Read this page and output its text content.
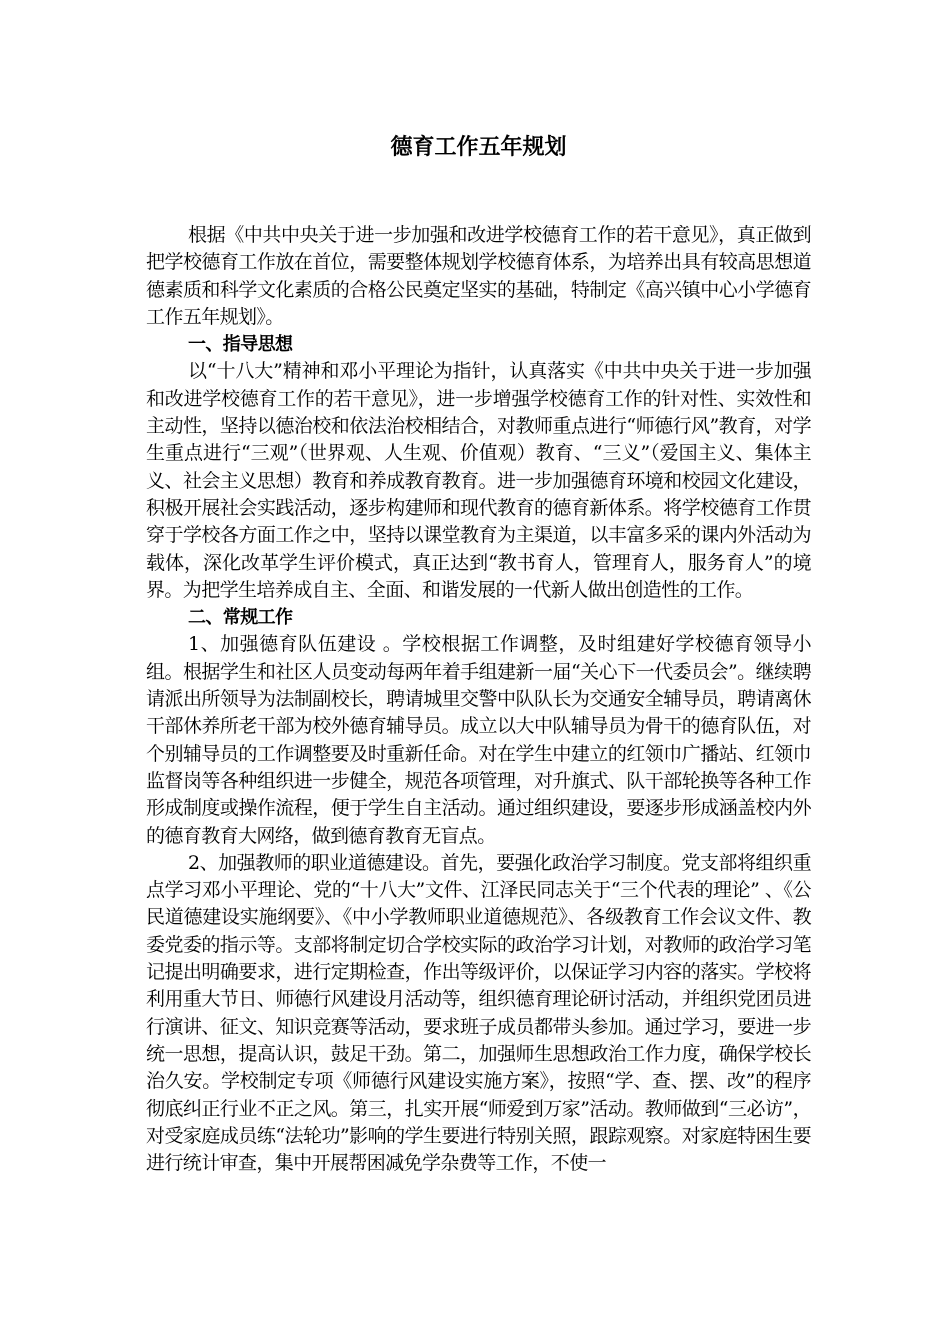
德育工作五年规划

根据《中共中央关于进一步加强和改进学校德育工作的若干意见》，真正做到把学校德育工作放在首位，需要整体规划学校德育体系，为培养出具有较高思想道德素质和科学文化素质的合格公民奠定坚实的基础，特制定《高兴镇中心小学德育工作五年规划》。

一、指导思想

以“十八大”精神和邓小平理论为指针，认真落实《中共中央关于进一步加强和改进学校德育工作的若干意见》，进一步增强学校德育工作的针对性、实效性和主动性，坚持以德治校和依法治校相结合，对教师重点进行“师德行风”教育，对学生重点进行“三观”（世界观、人生观、价值观）教育、“三义”（爱国主义、集体主义、社会主义思想）教育和养成教育教育。进一步加强德育环境和校园文化建设，积极开展社会实践活动，逐步构建师和现代教育的德育新体系。将学校德育工作贯穿于学校各方面工作之中，坚持以课堂教育为主渠道，以丰富多采的课内外活动为载体，深化改革学生评价模式，真正达到“教书育人，管理育人，服务育人”的境界。为把学生培养成自主、全面、和谐发展的一代新人做出创造性的工作。

二、常规工作

1、加强德育队伍建设 。学校根据工作调整，及时组建好学校德育领导小组。根据学生和社区人员变动每两年着手组建新一届“关心下一代委员会”。继续聘请派出所领导为法制副校长，聘请城里交警中队队长为交通安全辅导员，聘请离休干部休养所老干部为校外德育辅导员。成立以大中队辅导员为骨干的德育队伍，对个别辅导员的工作调整要及时重新任命。对在学生中建立的红领巾广播站、红领巾监督岗等各种组织进一步健全，规范各项管理，对升旗式、队干部轮换等各种工作形成制度或操作流程，便于学生自主活动。通过组织建设，要逐步形成涵盖校内外的德育教育大网络，做到德育教育无盲点。

2、加强教师的职业道德建设。首先，要强化政治学习制度。党支部将组织重点学习邓小平理论、党的“十八大”文件、江泽民同志关于“三个代表的理论” 、《公民道德建设实施纲要》、《中小学教师职业道德规范》、各级教育工作会议文件、教委党委的指示等。支部将制定切合学校实际的政治学习计划，对教师的政治学习笔记提出明确要求，进行定期检查，作出等级评价，以保证学习内容的落实。学校将利用重大节日、师德行风建设月活动等，组织德育理论研讨活动，并组织党团员进行演讲、征文、知识竞赛等活动，要求班子成员都带头参加。通过学习，要进一步统一思想，提高认识，鼓足干劲。第二，加强师生思想政治工作力度，确保学校长治久安。学校制定专项《师德行风建设实施方案》，按照“学、查、摆、改”的程序彻底纠正行业不正之风。第三，扎实开展“师爱到万家”活动。教师做到“三必访”，对受家庭成员练“法轮功”影响的学生要进行特别关照，跟踪观察。对家庭特困生要进行统计审查，集中开展帮困减免学杂费等工作，不使一
